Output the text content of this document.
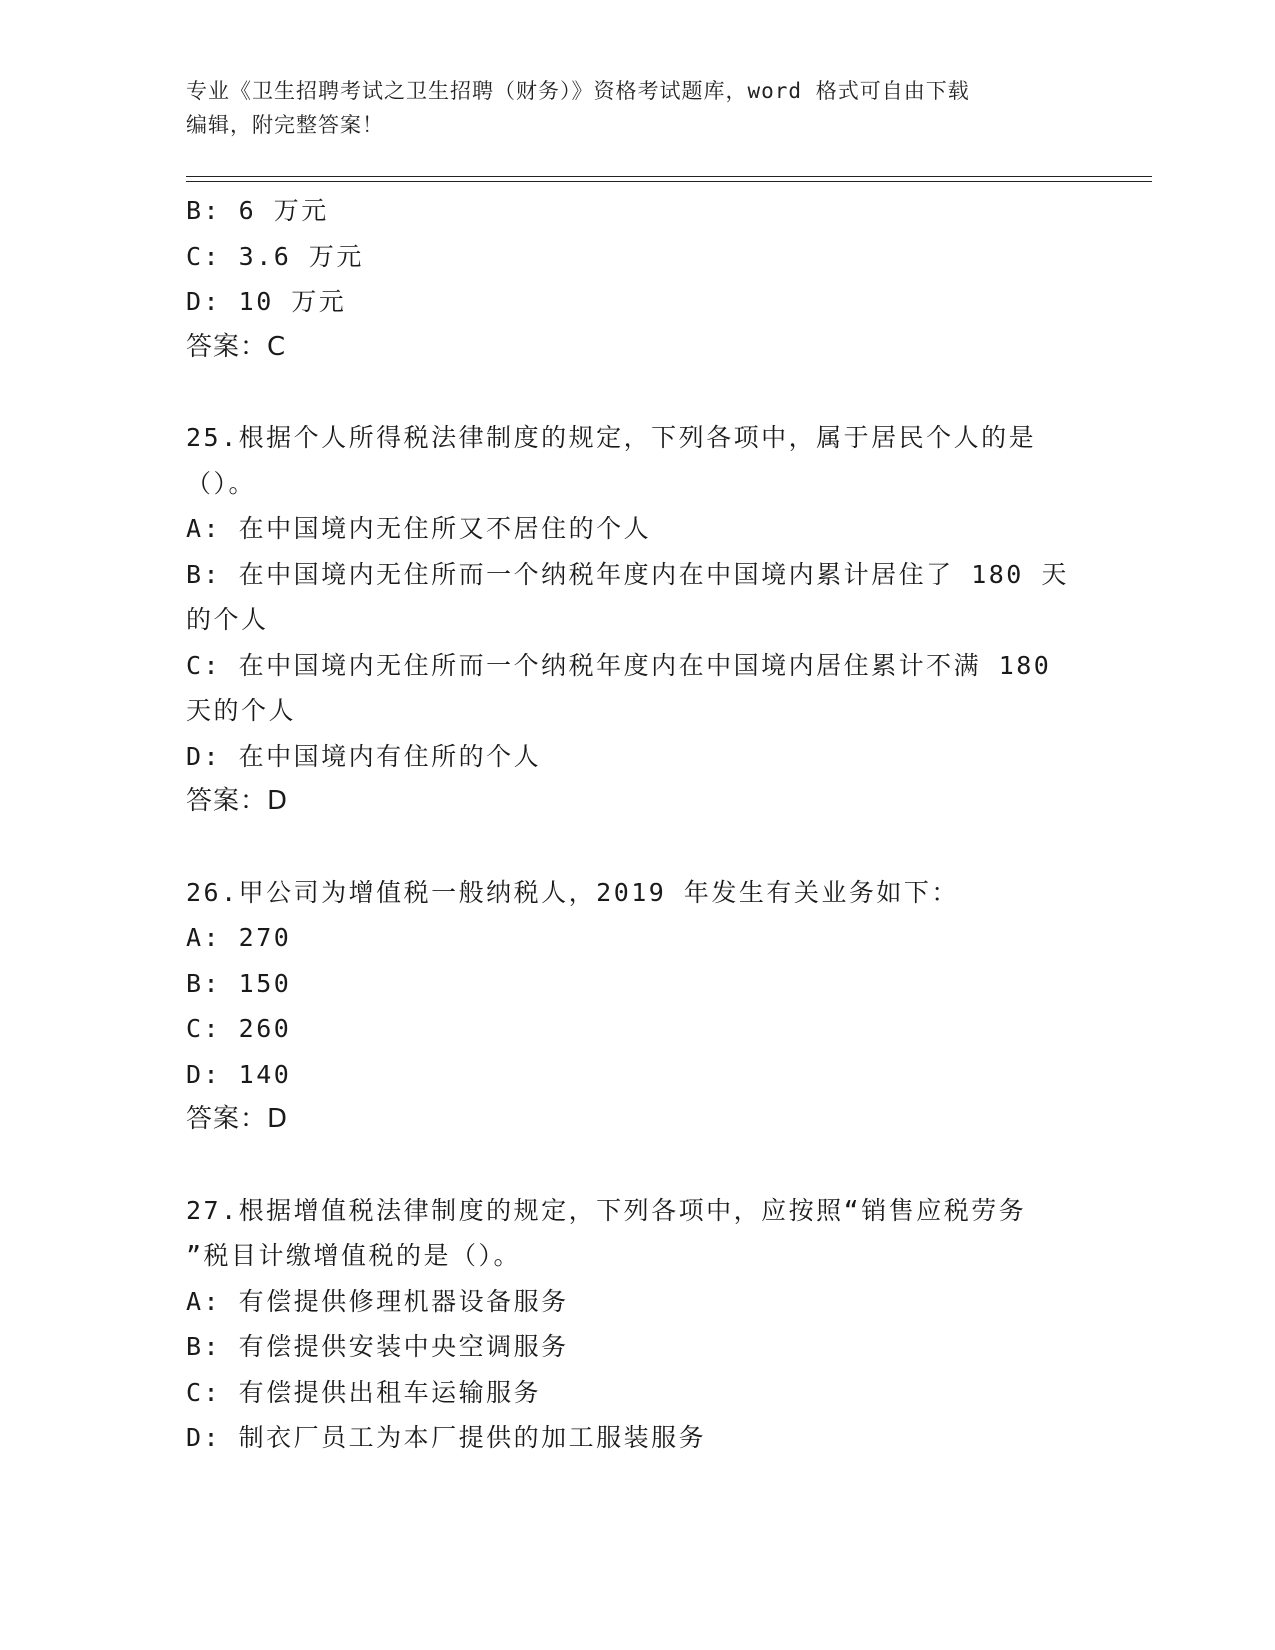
专业《卫生招聘考试之卫生招聘（财务）》资格考试题库，word 格式可自由下载
编辑，附完整答案！
B: 6 万元
C: 3.6 万元
D: 10 万元
答案：C
25.根据个人所得税法律制度的规定，下列各项中，属于居民个人的是
（）。
A: 在中国境内无住所又不居住的个人
B: 在中国境内无住所而一个纳税年度内在中国境内累计居住了 180 天
的个人
C: 在中国境内无住所而一个纳税年度内在中国境内居住累计不满 180
天的个人
D: 在中国境内有住所的个人
答案：D
26.甲公司为增值税一般纳税人，2019 年发生有关业务如下：
A: 270
B: 150
C: 260
D: 140
答案：D
27.根据增值税法律制度的规定，下列各项中，应按照“销售应税劳务
”税目计缴增值税的是（）。
A: 有偿提供修理机器设备服务
B: 有偿提供安装中央空调服务
C: 有偿提供出租车运输服务
D: 制衣厂员工为本厂提供的加工服装服务
